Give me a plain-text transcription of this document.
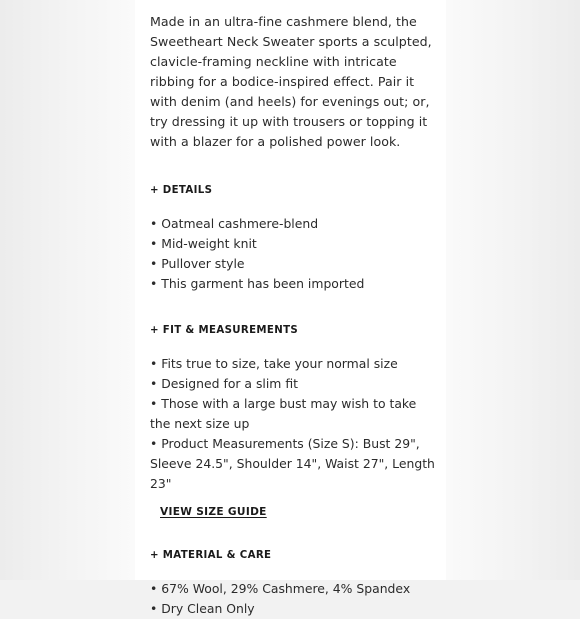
Made in an ultra-fine cashmere blend, the Sweetheart Neck Sweater sports a sculpted, clavicle-framing neckline with intricate ribbing for a bodice-inspired effect. Pair it with denim (and heels) for evenings out; or, try dressing it up with trousers or topping it with a blazer for a polished power look.

+ DETAILS
• Oatmeal cashmere-blend
• Mid-weight knit
• Pullover style
• This garment has been imported
+ FIT & MEASUREMENTS
• Fits true to size, take your normal size
• Designed for a slim fit
• Those with a large bust may wish to take the next size up
• Product Measurements (Size S): Bust 29", Sleeve 24.5", Shoulder 14", Waist 27", Length 23"
VIEW SIZE GUIDE
+ MATERIAL & CARE
• 67% Wool, 29% Cashmere, 4% Spandex
• Dry Clean Only
